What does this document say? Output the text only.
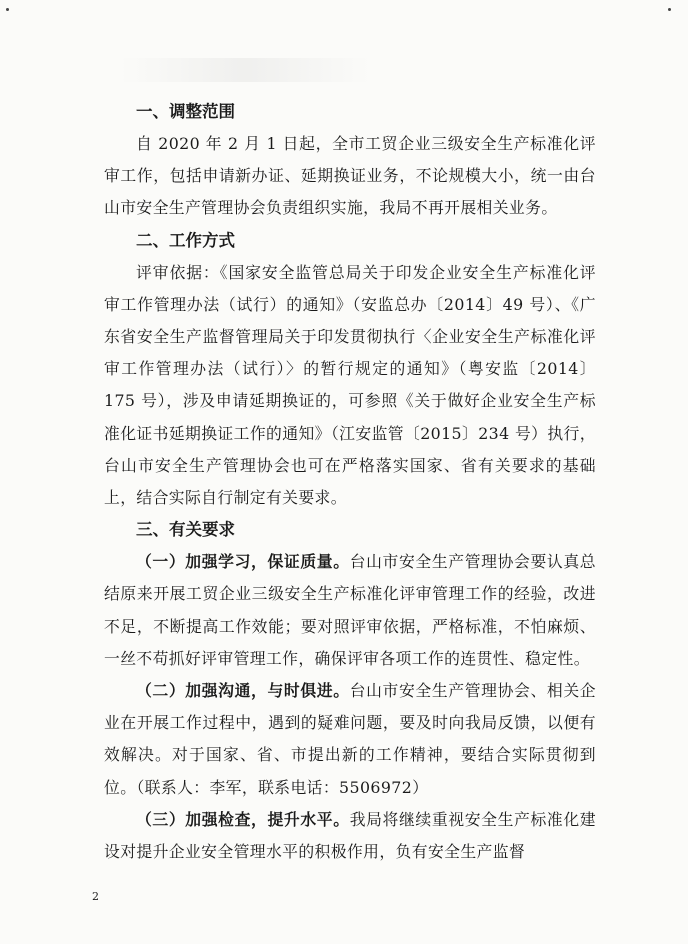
一、调整范围

自 2020 年 2 月 1 日起，全市工贸企业三级安全生产标准化评审工作，包括申请新办证、延期换证业务，不论规模大小，统一由台山市安全生产管理协会负责组织实施，我局不再开展相关业务。

二、工作方式

评审依据：《国家安全监管总局关于印发企业安全生产标准化评审工作管理办法（试行）的通知》（安监总办〔2014〕49 号）、《广东省安全生产监督管理局关于印发贯彻执行〈企业安全生产标准化评审工作管理办法（试行）〉的暂行规定的通知》（粤安监〔2014〕175 号），涉及申请延期换证的，可参照《关于做好企业安全生产标准化证书延期换证工作的通知》（江安监管〔2015〕234 号）执行，台山市安全生产管理协会也可在严格落实国家、省有关要求的基础上，结合实际自行制定有关要求。

三、有关要求

（一）加强学习，保证质量。台山市安全生产管理协会要认真总结原来开展工贸企业三级安全生产标准化评审管理工作的经验，改进不足，不断提高工作效能；要对照评审依据，严格标准，不怕麻烦、一丝不苟抓好评审管理工作，确保评审各项工作的连贯性、稳定性。

（二）加强沟通，与时俱进。台山市安全生产管理协会、相关企业在开展工作过程中，遇到的疑难问题，要及时向我局反馈，以便有效解决。对于国家、省、市提出新的工作精神，要结合实际贯彻到位。（联系人：李军，联系电话：5506972）

（三）加强检查，提升水平。我局将继续重视安全生产标准化建设对提升企业安全管理水平的积极作用，负有安全生产监督

2
